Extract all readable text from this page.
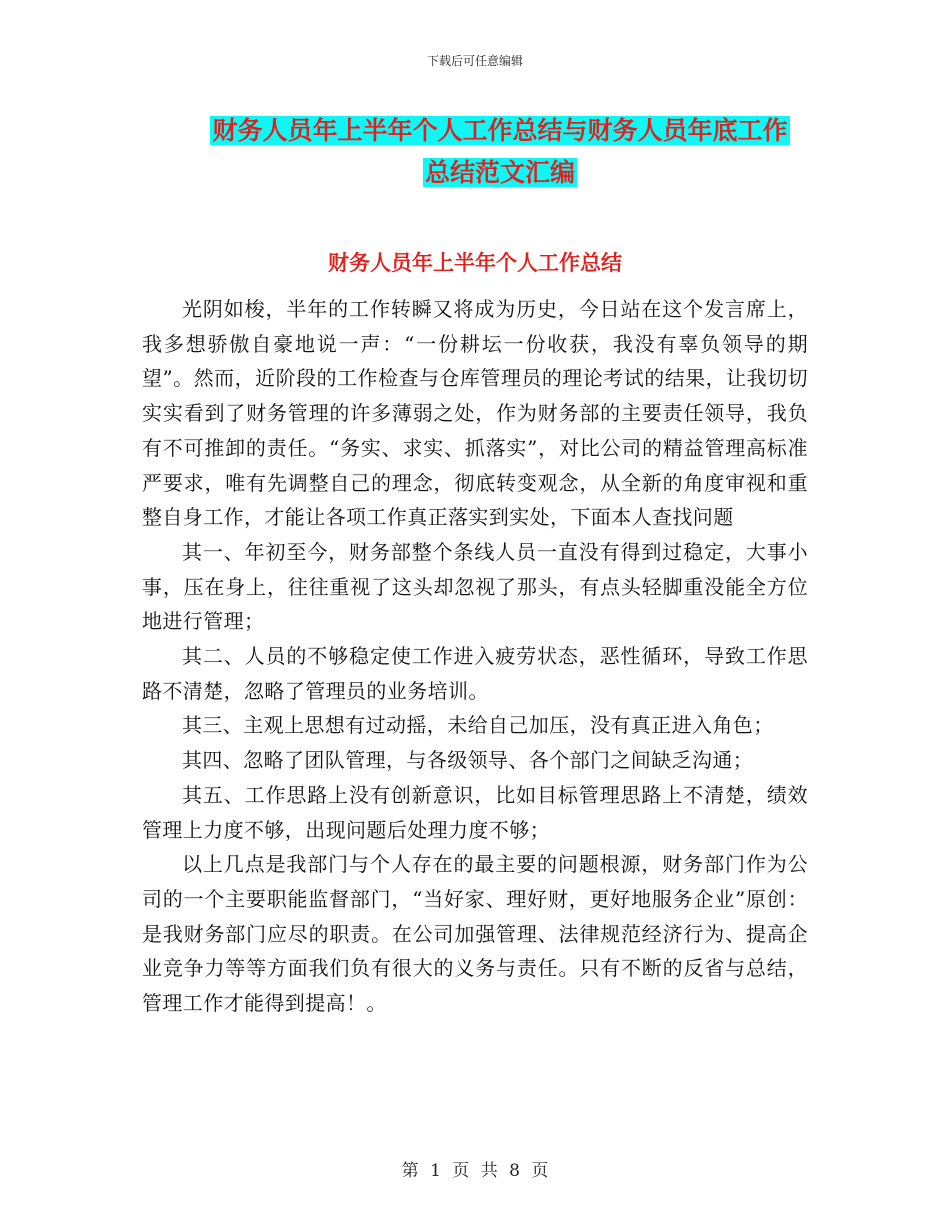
下载后可任意编辑
财务人员年上半年个人工作总结与财务人员年底工作
总结范文汇编
财务人员年上半年个人工作总结

光阴如梭，半年的工作转瞬又将成为历史，今日站在这个发言席上，我多想骄傲自豪地说一声：“一份耕坛一份收获，我没有辜负领导的期望”。然而，近阶段的工作检查与仓库管理员的理论考试的结果，让我切切实实看到了财务管理的许多薄弱之处，作为财务部的主要责任领导，我负有不可推卸的责任。“务实、求实、抓落实”，对比公司的精益管理高标准严要求，唯有先调整自己的理念，彻底转变观念，从全新的角度审视和重整自身工作，才能让各项工作真正落实到实处，下面本人查找问题

其一、年初至今，财务部整个条线人员一直没有得到过稳定，大事小事，压在身上，往往重视了这头却忽视了那头，有点头轻脚重没能全方位地进行管理；

其二、人员的不够稳定使工作进入疲劳状态，恶性循环，导致工作思路不清楚，忽略了管理员的业务培训。

其三、主观上思想有过动摇，未给自己加压，没有真正进入角色；

其四、忽略了团队管理，与各级领导、各个部门之间缺乏沟通；

其五、工作思路上没有创新意识，比如目标管理思路上不清楚，绩效管理上力度不够，出现问题后处理力度不够；

以上几点是我部门与个人存在的最主要的问题根源，财务部门作为公司的一个主要职能监督部门，“当好家、理好财，更好地服务企业”原创： 是我财务部门应尽的职责。在公司加强管理、法律规范经济行为、提高企业竞争力等等方面我们负有很大的义务与责任。只有不断的反省与总结，管理工作才能得到提高！。

第 1 页 共 8 页
